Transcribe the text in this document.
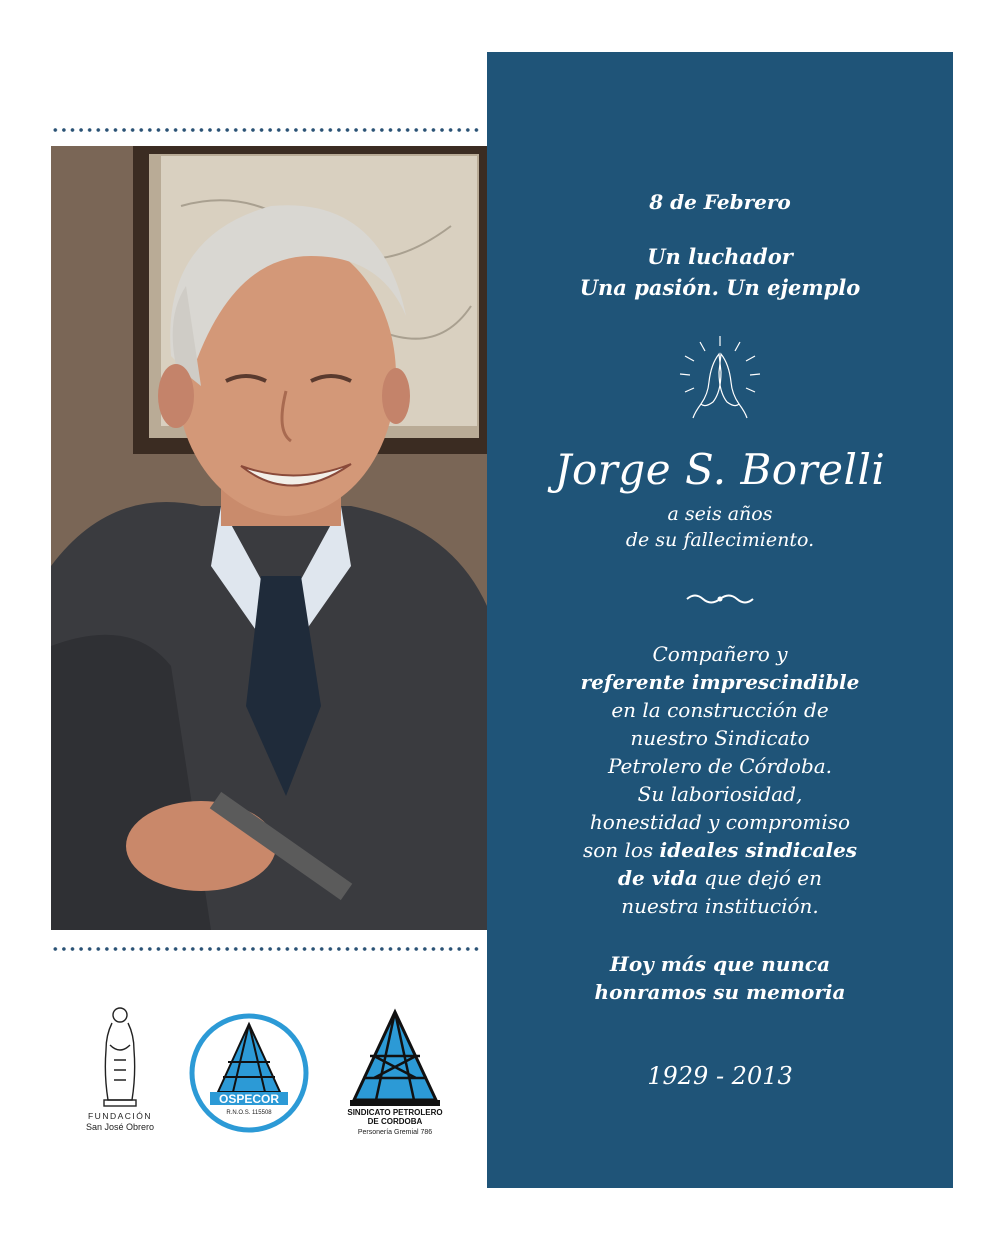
8 de Febrero
Un luchador
Una pasión. Un ejemplo
Jorge S. Borelli
a seis años
de su fallecimiento.
Compañero y
referente imprescindible
en la construcción de
nuestro Sindicato
Petrolero de Córdoba.
Su laboriosidad,
honestidad y compromiso
son los ideales sindicales
de vida que dejó en
nuestra institución.
Hoy más que nunca
honramos su memoria
1929 - 2013
FUNDACIÓN
San José Obrero
OSPECOR
R.N.O.S. 115508	SINDICATO PETROLERO
DE CORDOBA
Personería Gremial 786
